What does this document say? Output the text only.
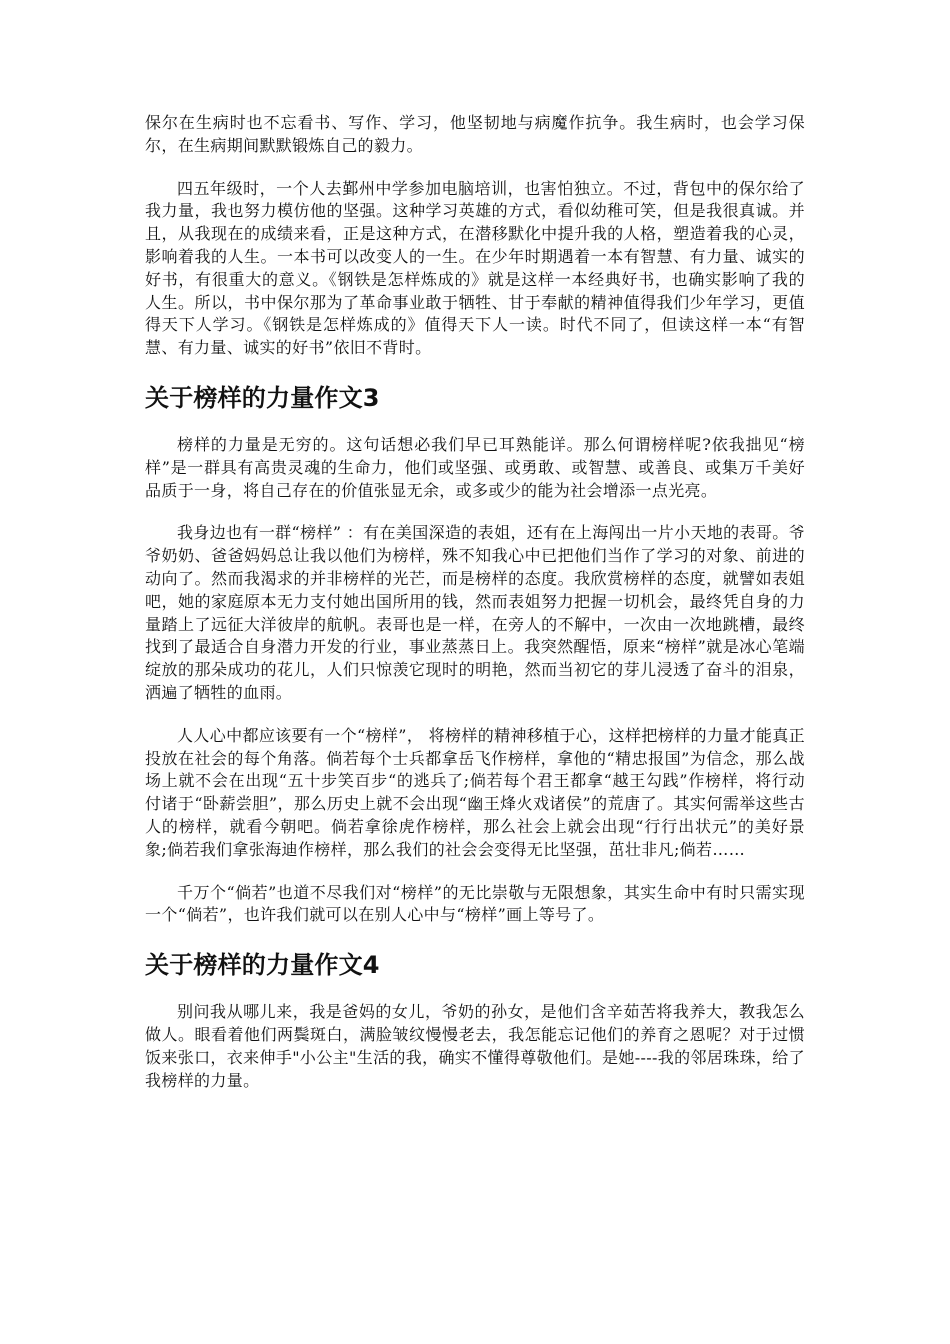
保尔在生病时也不忘看书、写作、学习，他坚韧地与病魔作抗争。我生病时，也会学习保尔，在生病期间默默锻炼自己的毅力。

四五年级时，一个人去鄞州中学参加电脑培训，也害怕独立。不过，背包中的保尔给了我力量，我也努力模仿他的坚强。这种学习英雄的方式，看似幼稚可笑，但是我很真诚。并且，从我现在的成绩来看，正是这种方式，在潜移默化中提升我的人格，塑造着我的心灵，影响着我的人生。一本书可以改变人的一生。在少年时期遇着一本有智慧、有力量、诚实的好书，有很重大的意义。《钢铁是怎样炼成的》就是这样一本经典好书，也确实影响了我的人生。所以，书中保尔那为了革命事业敢于牺牲、甘于奉献的精神值得我们少年学习，更值得天下人学习。《钢铁是怎样炼成的》值得天下人一读。时代不同了，但读这样一本“有智慧、有力量、诚实的好书”依旧不背时。

关于榜样的力量作文3

榜样的力量是无穷的。这句话想必我们早已耳熟能详。那么何谓榜样呢?依我拙见“榜样”是一群具有高贵灵魂的生命力，他们或坚强、或勇敢、或智慧、或善良、或集万千美好品质于一身，将自己存在的价值张显无余，或多或少的能为社会增添一点光亮。

我身边也有一群“榜样” ：有在美国深造的表姐，还有在上海闯出一片小天地的表哥。爷爷奶奶、爸爸妈妈总让我以他们为榜样，殊不知我心中已把他们当作了学习的对象、前进的动向了。然而我渴求的并非榜样的光芒，而是榜样的态度。我欣赏榜样的态度，就譬如表姐吧，她的家庭原本无力支付她出国所用的钱，然而表姐努力把握一切机会，最终凭自身的力量踏上了远征大洋彼岸的航帆。表哥也是一样，在旁人的不解中，一次由一次地跳槽，最终找到了最适合自身潜力开发的行业，事业蒸蒸日上。我突然醒悟，原来“榜样”就是冰心笔端绽放的那朵成功的花儿，人们只惊羡它现时的明艳，然而当初它的芽儿浸透了奋斗的泪泉，洒遍了牺牲的血雨。

人人心中都应该要有一个“榜样”， 将榜样的精神移植于心，这样把榜样的力量才能真正投放在社会的每个角落。倘若每个士兵都拿岳飞作榜样，拿他的“精忠报国”为信念，那么战场上就不会在出现“五十步笑百步“的逃兵了;倘若每个君王都拿“越王勾践”作榜样，将行动付诸于“卧薪尝胆”，那么历史上就不会出现“幽王烽火戏诸侯”的荒唐了。其实何需举这些古人的榜样，就看今朝吧。倘若拿徐虎作榜样，那么社会上就会出现“行行出状元”的美好景象;倘若我们拿张海迪作榜样，那么我们的社会会变得无比坚强，茁壮非凡;倘若……

千万个“倘若”也道不尽我们对“榜样”的无比崇敬与无限想象，其实生命中有时只需实现一个“倘若”，也许我们就可以在别人心中与“榜样”画上等号了。

关于榜样的力量作文4

别问我从哪儿来，我是爸妈的女儿，爷奶的孙女，是他们含辛茹苦将我养大，教我怎么做人。眼看着他们两鬓斑白，满脸皱纹慢慢老去，我怎能忘记他们的养育之恩呢？对于过惯饭来张口，衣来伸手"小公主"生活的我，确实不懂得尊敬他们。是她----我的邻居珠珠，给了我榜样的力量。
